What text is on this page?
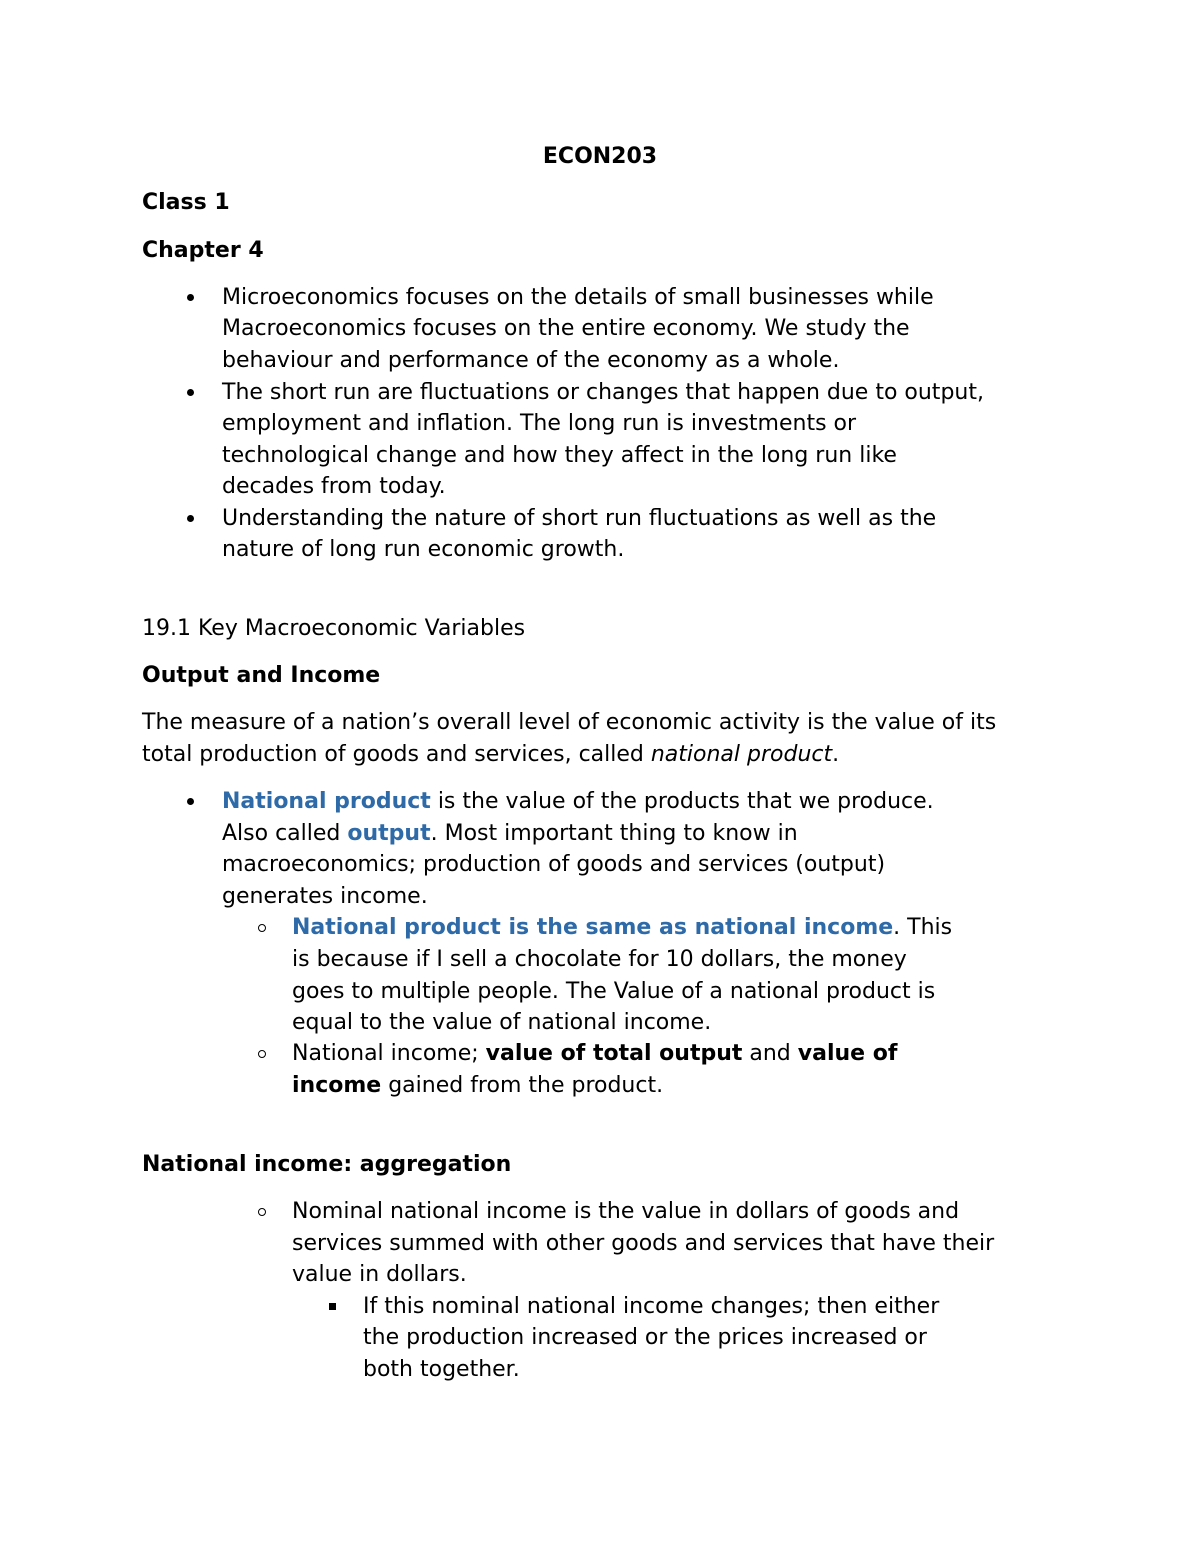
ECON203
Class 1
Chapter 4
Microeconomics focuses on the details of small businesses while
Macroeconomics focuses on the entire economy. We study the
behaviour and performance of the economy as a whole.
The short run are fluctuations or changes that happen due to output,
employment and inflation. The long run is investments or
technological change and how they affect in the long run like
decades from today.
Understanding the nature of short run fluctuations as well as the
nature of long run economic growth.
19.1 Key Macroeconomic Variables
Output and Income
The measure of a nation’s overall level of economic activity is the value of its
total production of goods and services, called national product.
National product is the value of the products that we produce.
Also called output. Most important thing to know in
macroeconomics; production of goods and services (output)
generates income.
National product is the same as national income. This
is because if I sell a chocolate for 10 dollars, the money
goes to multiple people. The Value of a national product is
equal to the value of national income.
National income; value of total output and value of
income gained from the product.
National income: aggregation
Nominal national income is the value in dollars of goods and
services summed with other goods and services that have their
value in dollars.
If this nominal national income changes; then either
the production increased or the prices increased or
both together.
